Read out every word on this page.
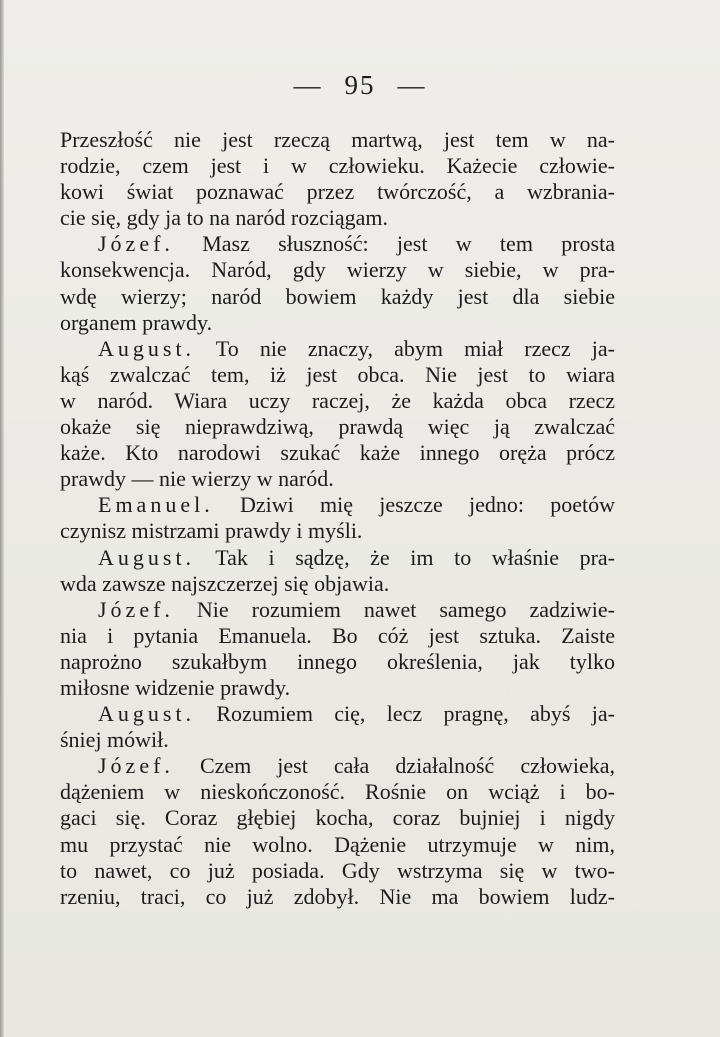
— 95 —
Przeszłość nie jest rzeczą martwą, jest tem w na-
rodzie, czem jest i w człowieku. Każecie człowie-
kowi świat poznawać przez twórczość, a wzbrania-
cie się, gdy ja to na naród rozciągam.
Józef. Masz słuszność: jest w tem prosta
konsekwencja. Naród, gdy wierzy w siebie, w pra-
wdę wierzy; naród bowiem każdy jest dla siebie
organem prawdy.
August. To nie znaczy, abym miał rzecz ja-
kąś zwalczać tem, iż jest obca. Nie jest to wiara
w naród. Wiara uczy raczej, że każda obca rzecz
okaże się nieprawdziwą, prawdą więc ją zwalczać
każe. Kto narodowi szukać każe innego oręża prócz
prawdy — nie wierzy w naród.
Emanuel. Dziwi mię jeszcze jedno: poetów
czynisz mistrzami prawdy i myśli.
August. Tak i sądzę, że im to właśnie pra-
wda zawsze najszczerzej się objawia.
Józef. Nie rozumiem nawet samego zadziwie-
nia i pytania Emanuela. Bo cóż jest sztuka. Zaiste
naprożno szukałbym innego określenia, jak tylko
miłosne widzenie prawdy.
August. Rozumiem cię, lecz pragnę, abyś ja-
śniej mówił.
Józef. Czem jest cała działalność człowieka,
dążeniem w nieskończoność. Rośnie on wciąż i bo-
gaci się. Coraz głębiej kocha, coraz bujniej i nigdy
mu przystać nie wolno. Dążenie utrzymuje w nim,
to nawet, co już posiada. Gdy wstrzyma się w two-
rzeniu, traci, co już zdobył. Nie ma bowiem ludz-
